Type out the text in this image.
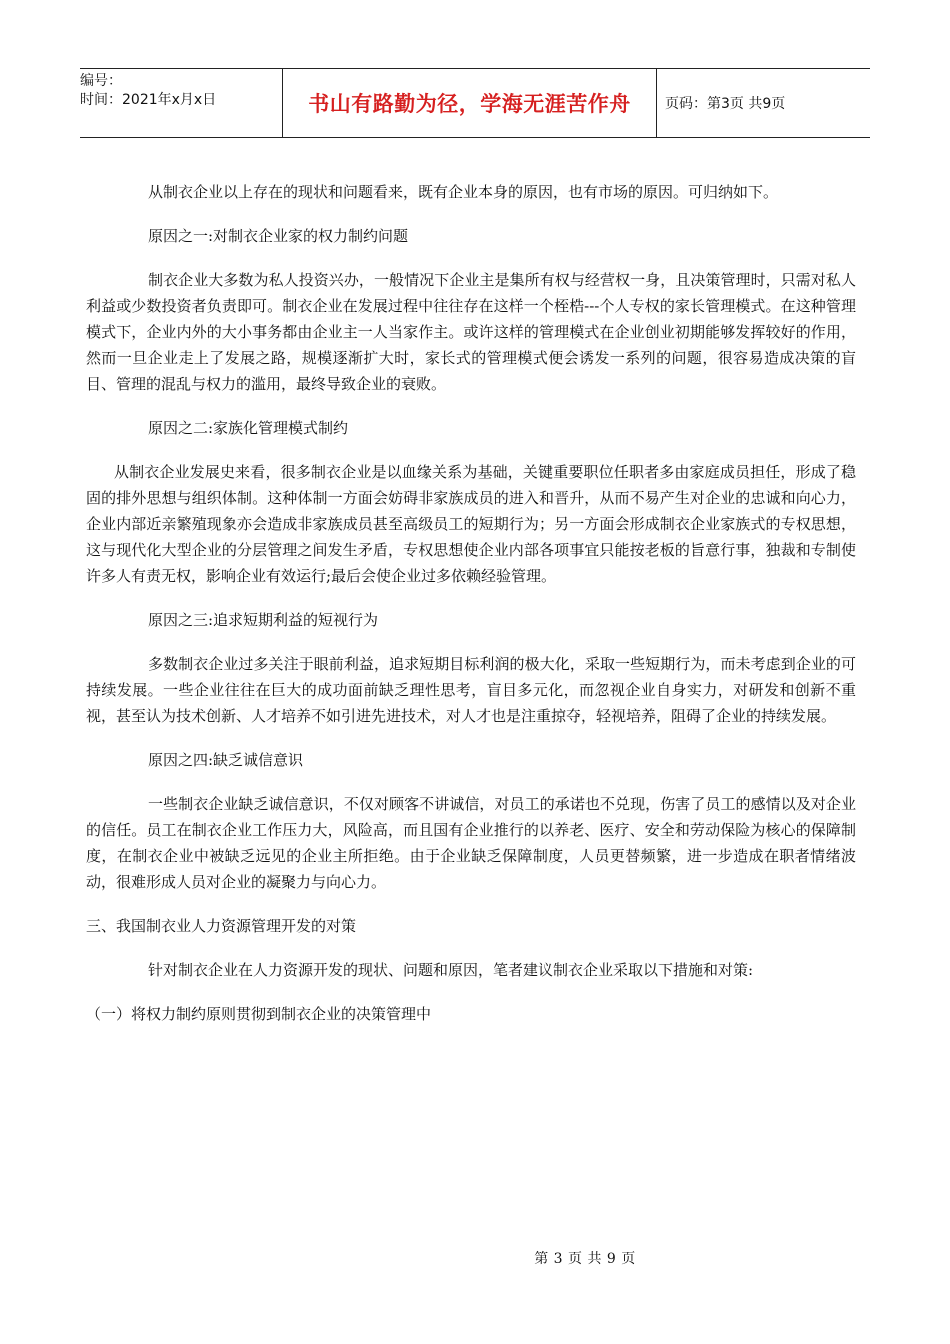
编号：
时间：2021年x月x日	书山有路勤为径，学海无涯苦作舟	页码：第3页 共9页

从制衣企业以上存在的现状和问题看来，既有企业本身的原因，也有市场的原因。可归纳如下。

原因之一:对制衣企业家的权力制约问题

制衣企业大多数为私人投资兴办，一般情况下企业主是集所有权与经营权一身，且决策管理时，只需对私人利益或少数投资者负责即可。制衣企业在发展过程中往往存在这样一个桎梏---个人专权的家长管理模式。在这种管理模式下，企业内外的大小事务都由企业主一人当家作主。或许这样的管理模式在企业创业初期能够发挥较好的作用，然而一旦企业走上了发展之路，规模逐渐扩大时，家长式的管理模式便会诱发一系列的问题，很容易造成决策的盲目、管理的混乱与权力的滥用，最终导致企业的衰败。

原因之二:家族化管理模式制约

从制衣企业发展史来看，很多制衣企业是以血缘关系为基础，关键重要职位任职者多由家庭成员担任，形成了稳固的排外思想与组织体制。这种体制一方面会妨碍非家族成员的进入和晋升，从而不易产生对企业的忠诚和向心力，企业内部近亲繁殖现象亦会造成非家族成员甚至高级员工的短期行为；另一方面会形成制衣企业家族式的专权思想，这与现代化大型企业的分层管理之间发生矛盾，专权思想使企业内部各项事宜只能按老板的旨意行事，独裁和专制使许多人有责无权，影响企业有效运行;最后会使企业过多依赖经验管理。

原因之三:追求短期利益的短视行为

多数制衣企业过多关注于眼前利益，追求短期目标利润的极大化，采取一些短期行为，而未考虑到企业的可持续发展。一些企业往往在巨大的成功面前缺乏理性思考，盲目多元化，而忽视企业自身实力，对研发和创新不重视，甚至认为技术创新、人才培养不如引进先进技术，对人才也是注重掠夺，轻视培养，阻碍了企业的持续发展。

原因之四:缺乏诚信意识

一些制衣企业缺乏诚信意识，不仅对顾客不讲诚信，对员工的承诺也不兑现，伤害了员工的感情以及对企业的信任。员工在制衣企业工作压力大，风险高，而且国有企业推行的以养老、医疗、安全和劳动保险为核心的保障制度，在制衣企业中被缺乏远见的企业主所拒绝。由于企业缺乏保障制度，人员更替频繁，进一步造成在职者情绪波动，很难形成人员对企业的凝聚力与向心力。

三、我国制衣业人力资源管理开发的对策

针对制衣企业在人力资源开发的现状、问题和原因，笔者建议制衣企业采取以下措施和对策:

（一）将权力制约原则贯彻到制衣企业的决策管理中

第 3 页 共 9 页
